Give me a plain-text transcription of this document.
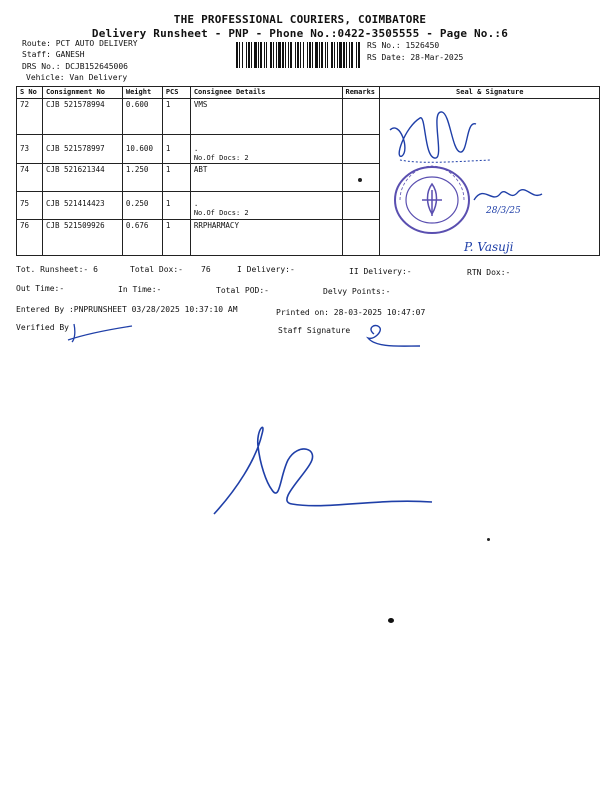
THE PROFESSIONAL COURIERS, COIMBATORE
Delivery Runsheet - PNP - Phone No.:0422-3505555 - Page No.:6
Route: PCT AUTO DELIVERY
Staff: GANESH
DRS No.: DCJB152645006
Vehicle: Van Delivery
RS No.: 1526450
RS Date: 28-Mar-2025
S No	Consignment No	Weight	PCS	Consignee Details	Remarks	Seal & Signature
72	CJB 521578994	0.600	1	VMS		
73	CJB 521578997	10.600	1	.
No.Of Docs: 2		

74	CJB 521621344	1.250	1	ABT		
75	CJB 521414423	0.250	1	.
No.Of Docs: 2		

76	CJB 521509926	0.676	1	RRPHARMACY		
28/3/25
P. Vasuji
Tot. Runsheet:- 6	Total Dox:- 76	I Delivery:-	II Delivery:-	RTN Dox:-
Out Time:-	In Time:-	Total POD:-	Delvy Points:-
Entered By :PNPRUNSHEET 03/28/2025 10:37:10 AM	Printed on: 28-03-2025 10:47:07
Verified By	Staff Signature
